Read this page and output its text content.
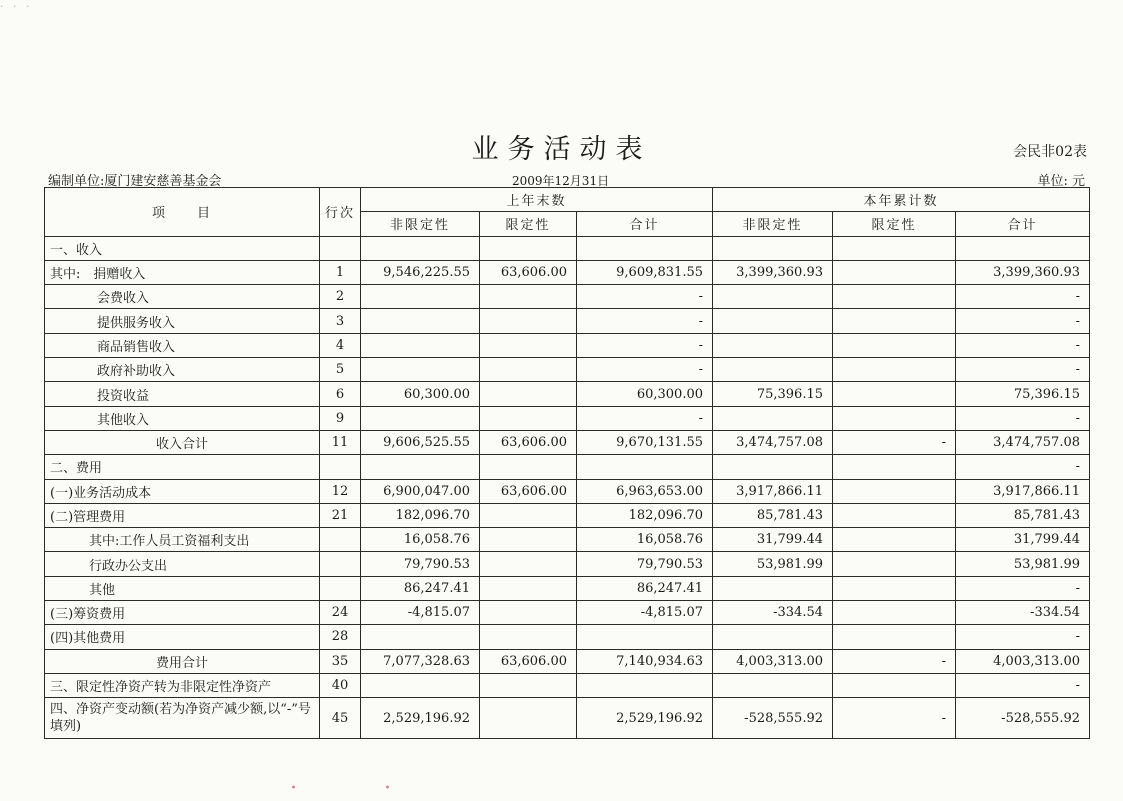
· · ·
业务活动表	会民非02表
编制单位:厦门建安慈善基金会	2009年12月31日	单位: 元
项　　目	行次	上年末数			本年累计数		
		非限定性	限定性	合计	非限定性	限定性	合计
一、收入							
其中:　捐赠收入	1	9,546,225.55	63,606.00	9,609,831.55	3,399,360.93		3,399,360.93
会费收入	2			-			-
提供服务收入	3			-			-
商品销售收入	4			-			-
政府补助收入	5			-			-
投资收益	6	60,300.00		60,300.00	75,396.15		75,396.15
其他收入	9			-			-
收入合计	11	9,606,525.55	63,606.00	9,670,131.55	3,474,757.08	-	3,474,757.08
二、费用							-
(一)业务活动成本	12	6,900,047.00	63,606.00	6,963,653.00	3,917,866.11		3,917,866.11
(二)管理费用	21	182,096.70		182,096.70	85,781.43		85,781.43
其中:工作人员工资福利支出		16,058.76		16,058.76	31,799.44		31,799.44
行政办公支出		79,790.53		79,790.53	53,981.99		53,981.99
其他		86,247.41		86,247.41			-
(三)筹资费用	24	-4,815.07		-4,815.07	-334.54		-334.54
(四)其他费用	28						-
费用合计	35	7,077,328.63	63,606.00	7,140,934.63	4,003,313.00	-	4,003,313.00
三、限定性净资产转为非限定性净资产	40						-
四、净资产变动额(若为净资产减少额,以“-”号填列)	45	2,529,196.92		2,529,196.92	-528,555.92	-	-528,555.92
· ·
